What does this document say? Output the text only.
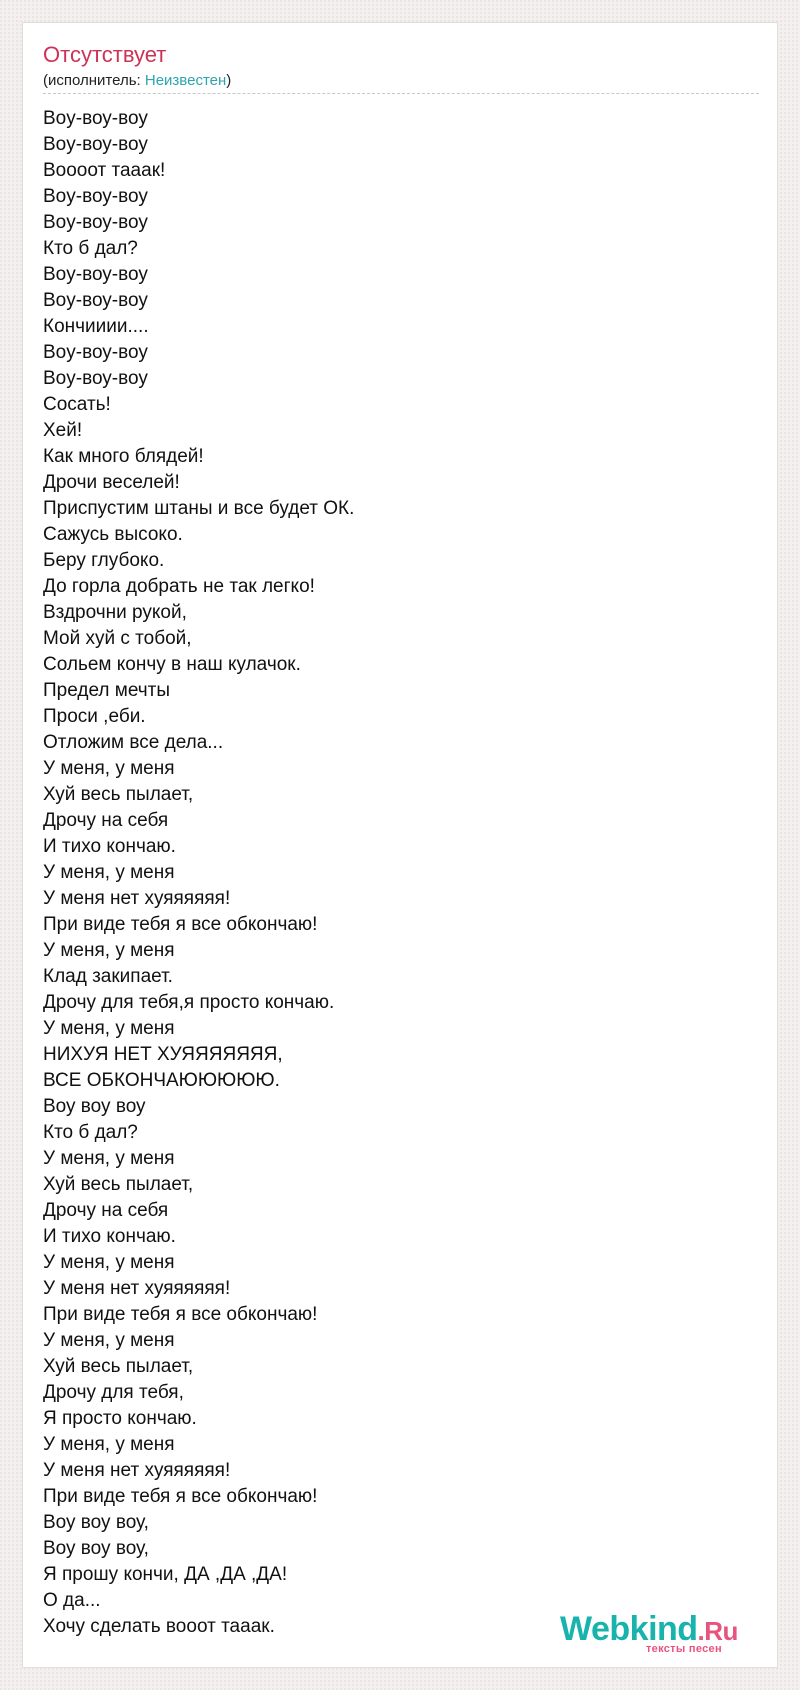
Отсутствует
(исполнитель: Неизвестен)
Boy-воу-воу
Boy-воу-воу
Воооот тааак!
Boy-воу-воу
Boy-воу-воу
Кто б дал?
Boy-воу-воу
Boy-воу-воу
Кончииии....
Boy-воу-воу
Boy-воу-воу
Сосать!
Хей!
Как много блядей!
Дрочи веселей!
Приспустим штаны и все будет ОК.
Сажусь высоко.
Беру глубоко.
До горла добрать не так легко!
Вздрочни рукой,
Мой хуй с тобой,
Сольем кончу в наш кулачок.
Предел мечты
Проси ,еби.
Отложим все дела...
У меня, у меня
Хуй весь пылает,
Дрочу на себя
И тихо кончаю.
У меня, у меня
У меня нет хуяяяяяя!
При виде тебя я все обкончаю!
У меня, у меня
Клад закипает.
Дрочу для тебя,я просто кончаю.
У меня, у меня
НИХУЯ НЕТ ХУЯЯЯЯЯЯЯ,
ВСЕ ОБКОНЧАЮЮЮЮЮ.
Воу воу воу
Кто б дал?
У меня, у меня
Хуй весь пылает,
Дрочу на себя
И тихо кончаю.
У меня, у меня
У меня нет хуяяяяяя!
При виде тебя я все обкончаю!
У меня, у меня
Хуй весь пылает,
Дрочу для тебя,
Я просто кончаю.
У меня, у меня
У меня нет хуяяяяяя!
При виде тебя я все обкончаю!
Воу воу воу,
Воу воу воу,
Я прошу кончи, ДА ,ДА ,ДА!
О да...
Хочу сделать вооот тааак.	Webkind.Ru
тексты песен
